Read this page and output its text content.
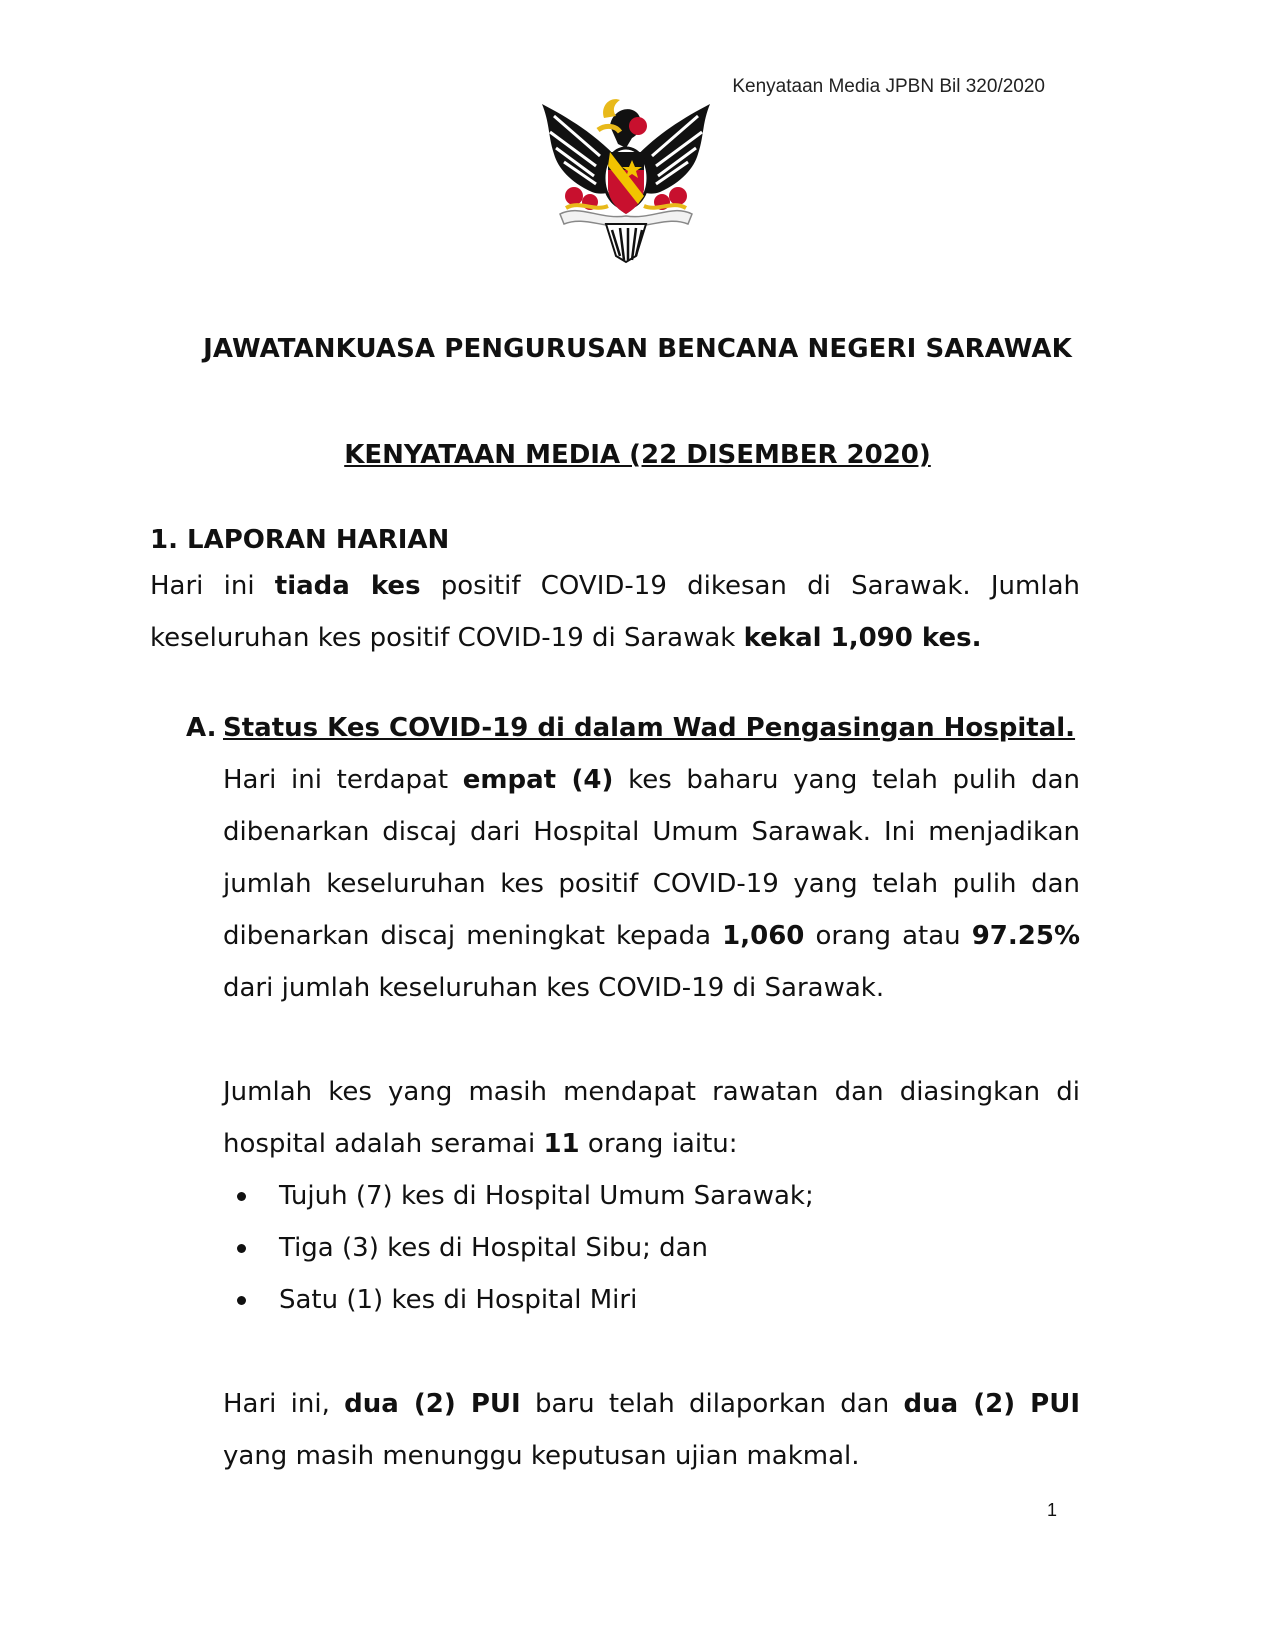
Kenyataan Media JPBN Bil 320/2020
JAWATANKUASA PENGURUSAN BENCANA NEGERI SARAWAK
KENYATAAN MEDIA (22 DISEMBER 2020)
1. LAPORAN HARIAN

Hari ini tiada kes positif COVID-19 dikesan di Sarawak. Jumlah keseluruhan kes positif COVID-19 di Sarawak kekal 1,090 kes.

A. Status Kes COVID-19 di dalam Wad Pengasingan Hospital.

Hari ini terdapat empat (4) kes baharu yang telah pulih dan dibenarkan discaj dari Hospital Umum Sarawak. Ini menjadikan jumlah keseluruhan kes positif COVID-19 yang telah pulih dan dibenarkan discaj meningkat kepada 1,060 orang atau 97.25% dari jumlah keseluruhan kes COVID-19 di Sarawak.

Jumlah kes yang masih mendapat rawatan dan diasingkan di hospital adalah seramai 11 orang iaitu:

Tujuh (7) kes di Hospital Umum Sarawak;
Tiga (3) kes di Hospital Sibu; dan
Satu (1) kes di Hospital Miri

Hari ini, dua (2) PUI baru telah dilaporkan dan dua (2) PUI yang masih menunggu keputusan ujian makmal.

1
